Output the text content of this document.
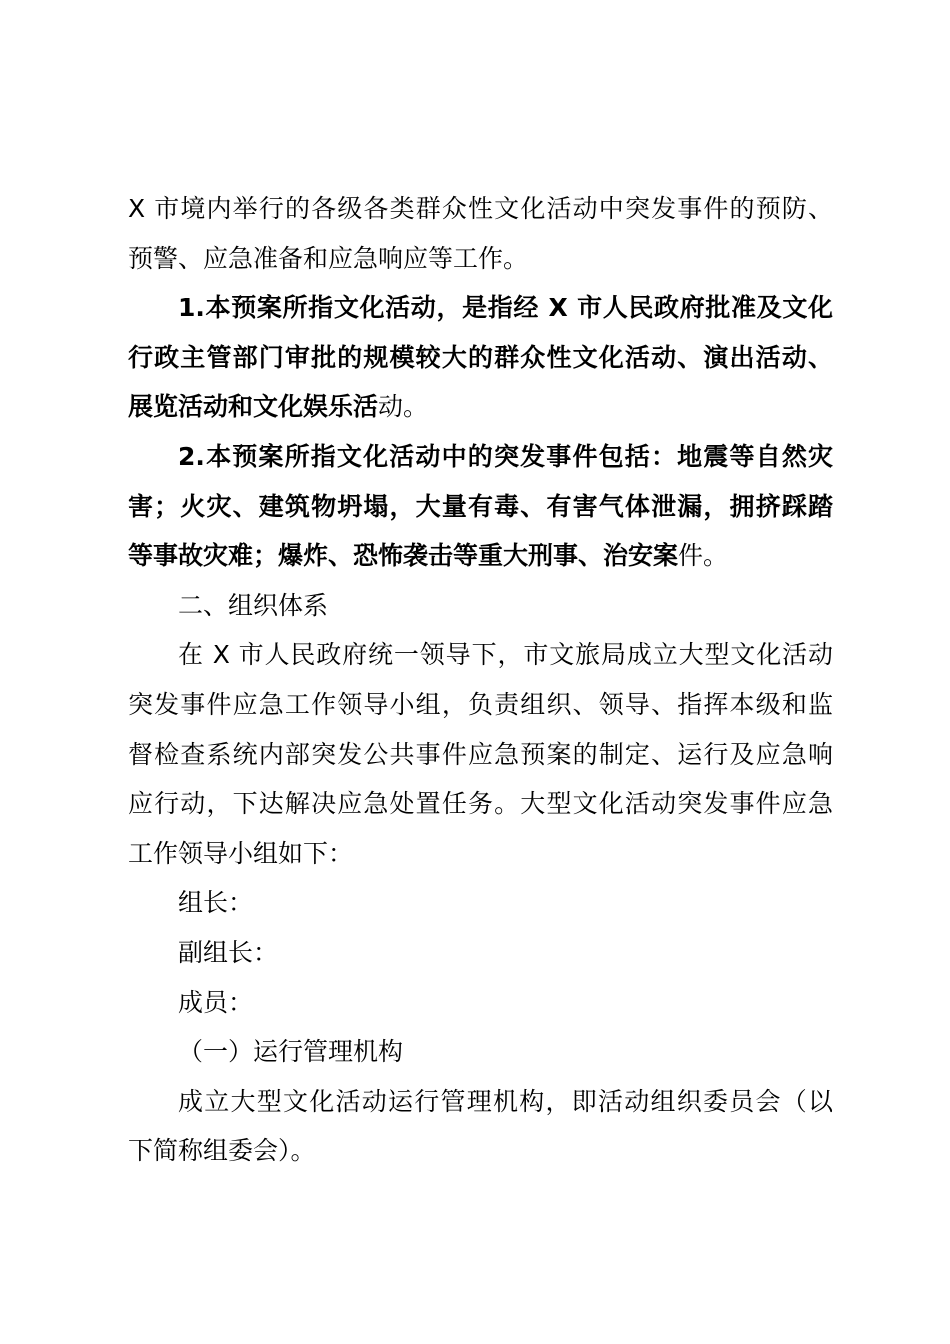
X 市境内举行的各级各类群众性文化活动中突发事件的预防、
预警、应急准备和应急响应等工作。
1.本预案所指文化活动，是指经 X 市人民政府批准及文化
行政主管部门审批的规模较大的群众性文化活动、演出活动、
展览活动和文化娱乐活动。
2.本预案所指文化活动中的突发事件包括：地震等自然灾
害；火灾、建筑物坍塌，大量有毒、有害气体泄漏，拥挤踩踏
等事故灾难；爆炸、恐怖袭击等重大刑事、治安案件。
二、组织体系
在 X 市人民政府统一领导下，市文旅局成立大型文化活动
突发事件应急工作领导小组，负责组织、领导、指挥本级和监
督检查系统内部突发公共事件应急预案的制定、运行及应急响
应行动，下达解决应急处置任务。大型文化活动突发事件应急
工作领导小组如下：
组长：
副组长：
成员：
（一）运行管理机构
成立大型文化活动运行管理机构，即活动组织委员会（以
下简称组委会）。
